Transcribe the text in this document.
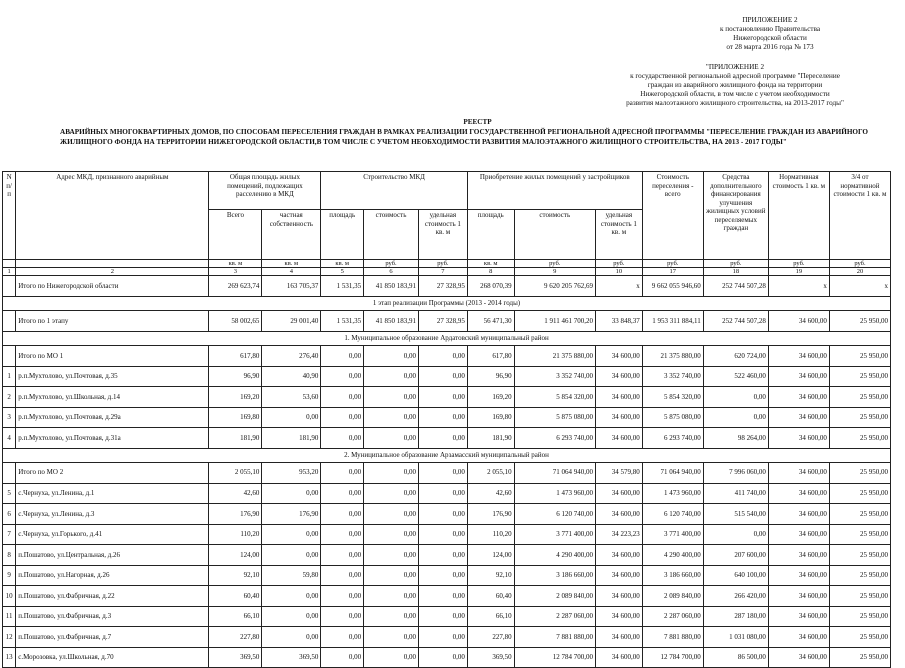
ПРИЛОЖЕНИЕ 2
к постановлению Правительства
Нижегородской области
от 28 марта 2016 года № 173
"ПРИЛОЖЕНИЕ 2
к государственной региональной адресной программе "Переселение
граждан из аварийного жилищного фонда на территории
Нижегородской области, в том числе с учетом необходимости
развития малоэтажного жилищного строительства, на 2013-2017 годы"
РЕЕСТР
АВАРИЙНЫХ МНОГОКВАРТИРНЫХ ДОМОВ, ПО СПОСОБАМ ПЕРЕСЕЛЕНИЯ ГРАЖДАН В РАМКАХ РЕАЛИЗАЦИИ ГОСУДАРСТВЕННОЙ РЕГИОНАЛЬНОЙ АДРЕСНОЙ ПРОГРАММЫ "ПЕРЕСЕЛЕНИЕ ГРАЖДАН ИЗ АВАРИЙНОГО ЖИЛИЩНОГО ФОНДА НА ТЕРРИТОРИИ НИЖЕГОРОДСКОЙ ОБЛАСТИ,В ТОМ ЧИСЛЕ С УЧЕТОМ НЕОБХОДИМОСТИ РАЗВИТИЯ МАЛОЭТАЖНОГО ЖИЛИЩНОГО СТРОИТЕЛЬСТВА, НА 2013 - 2017 ГОДЫ"
N п/п	Адрес МКД, признанного аварийным	Общая площадь жилых помещений, подлежащих расселению в МКД		Строительство МКД			Приобретение жилых помещений у застройщиков			Стоимость переселения - всего	Средства дополнительного финансирования улучшения жилищных условий переселяемых граждан	Нормативная стоимость 1 кв. м	3/4 от нормативной стоимости 1 кв. м
		Всего	частная собственность	площадь	стоимость	удельная стоимость 1 кв. м	площадь	стоимость	удельная стоимость 1 кв. м				
		кв. м	кв. м	кв. м	руб.	руб.	кв. м	руб.	руб.	руб.	руб.	руб.	руб.
1	2	3	4	5	6	7	8	9	10	17	18	19	20
	Итого по Нижегородской области	269 623,74	163 705,37	1 531,35	41 850 183,91	27 328,95	268 070,39	9 620 205 762,69	x	9 662 055 946,60	252 744 507,28	x	x
1 этап реализации Программы (2013 - 2014 годы)													
	Итого по 1 этапу	58 002,65	29 001,40	1 531,35	41 850 183,91	27 328,95	56 471,30	1 911 461 700,20	33 848,37	1 953 311 884,11	252 744 507,28	34 600,00	25 950,00
1. Муниципальное образование Ардатовский муниципальный район													
	Итого по МО 1	617,80	276,40	0,00	0,00	0,00	617,80	21 375 880,00	34 600,00	21 375 880,00	620 724,00	34 600,00	25 950,00
1	р.п.Мухтолово, ул.Почтовая, д.35	96,90	40,90	0,00	0,00	0,00	96,90	3 352 740,00	34 600,00	3 352 740,00	522 460,00	34 600,00	25 950,00
2	р.п.Мухтолово, ул.Школьная, д.14	169,20	53,60	0,00	0,00	0,00	169,20	5 854 320,00	34 600,00	5 854 320,00	0,00	34 600,00	25 950,00
3	р.п.Мухтолово, ул.Почтовая, д.29а	169,80	0,00	0,00	0,00	0,00	169,80	5 875 080,00	34 600,00	5 875 080,00	0,00	34 600,00	25 950,00
4	р.п.Мухтолово, ул.Почтовая, д.31а	181,90	181,90	0,00	0,00	0,00	181,90	6 293 740,00	34 600,00	6 293 740,00	98 264,00	34 600,00	25 950,00
2. Муниципальное образование Арзамасский муниципальный район													
	Итого по МО 2	2 055,10	953,20	0,00	0,00	0,00	2 055,10	71 064 940,00	34 579,80	71 064 940,00	7 996 060,00	34 600,00	25 950,00
5	с.Чернуха, ул.Ленина, д.1	42,60	0,00	0,00	0,00	0,00	42,60	1 473 960,00	34 600,00	1 473 960,00	411 740,00	34 600,00	25 950,00
6	с.Чернуха, ул.Ленина, д.3	176,90	176,90	0,00	0,00	0,00	176,90	6 120 740,00	34 600,00	6 120 740,00	515 540,00	34 600,00	25 950,00
7	с.Чернуха, ул.Горького, д.41	110,20	0,00	0,00	0,00	0,00	110,20	3 771 400,00	34 223,23	3 771 400,00	0,00	34 600,00	25 950,00
8	п.Пошатово, ул.Центральная, д.26	124,00	0,00	0,00	0,00	0,00	124,00	4 290 400,00	34 600,00	4 290 400,00	207 600,00	34 600,00	25 950,00
9	п.Пошатово, ул.Нагорная, д.26	92,10	59,80	0,00	0,00	0,00	92,10	3 186 660,00	34 600,00	3 186 660,00	640 100,00	34 600,00	25 950,00
10	п.Пошатово, ул.Фабричная, д.22	60,40	0,00	0,00	0,00	0,00	60,40	2 089 840,00	34 600,00	2 089 840,00	266 420,00	34 600,00	25 950,00
11	п.Пошатово, ул.Фабричная, д.3	66,10	0,00	0,00	0,00	0,00	66,10	2 287 060,00	34 600,00	2 287 060,00	287 180,00	34 600,00	25 950,00
12	п.Пошатово, ул.Фабричная, д.7	227,80	0,00	0,00	0,00	0,00	227,80	7 881 880,00	34 600,00	7 881 880,00	1 031 080,00	34 600,00	25 950,00
13	с.Морозовка, ул.Школьная, д.70	369,50	369,50	0,00	0,00	0,00	369,50	12 784 700,00	34 600,00	12 784 700,00	86 500,00	34 600,00	25 950,00
